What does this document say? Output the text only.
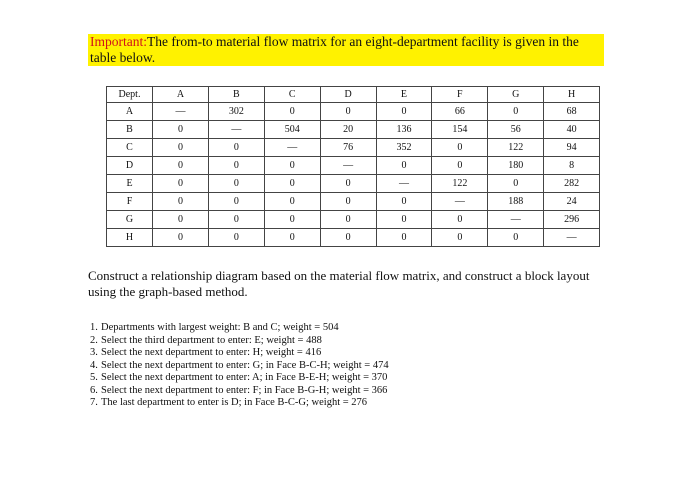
Important:The from-to material flow matrix for an eight-department facility is given in the table below.
Dept.	A	B	C	D	E	F	G	H
A	—	302	0	0	0	66	0	68
B	0	—	504	20	136	154	56	40
C	0	0	—	76	352	0	122	94
D	0	0	0	—	0	0	180	8
E	0	0	0	0	—	122	0	282
F	0	0	0	0	0	—	188	24
G	0	0	0	0	0	0	—	296
H	0	0	0	0	0	0	0	—
Construct a relationship diagram based on the material flow matrix, and construct a block layout using the graph-based method.
1. Departments with largest weight: B and C; weight = 504
2. Select the third department to enter: E; weight = 488
3. Select the next department to enter: H; weight = 416
4. Select the next department to enter: G; in Face B-C-H; weight = 474
5. Select the next department to enter: A; in Face B-E-H; weight = 370
6. Select the next department to enter: F; in Face B-G-H; weight = 366
7. The last department to enter is D; in Face B-C-G; weight = 276
